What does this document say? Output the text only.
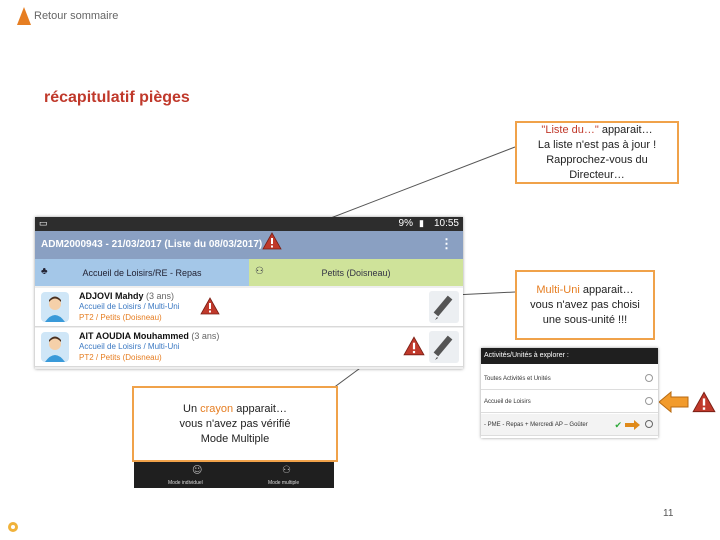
Retour sommaire
récapitulatif pièges
"Liste du…" apparait…
La liste n'est pas à jour !
Rapprochez-vous du Directeur…
Multi-Uni apparait…
vous n'avez pas choisi
une sous-unité !!!
▭	9% ▮ 10:55
ADM2000943 - 21/03/2017 (Liste du 08/03/2017)	⋮
♣	Accueil de Loisirs/RE - Repas	⚇	Petits (Doisneau)
ADJOVI Mahdy (3 ans)
Accueil de Loisirs / Multi-Uni
PT2 / Petits (Doisneau)
AIT AOUDIA Mouhammed (3 ans)
Accueil de Loisirs / Multi-Uni
PT2 / Petits (Doisneau)	Activités/Unités à explorer :
Toutes Activités et Unités
Accueil de Loisirs
- PME - Repas + Mercredi AP – Goûter	✔
Un crayon apparait…
vous n'avez pas vérifié
Mode Multiple
☺	⚇
Mode individuel	Mode multiple
11
